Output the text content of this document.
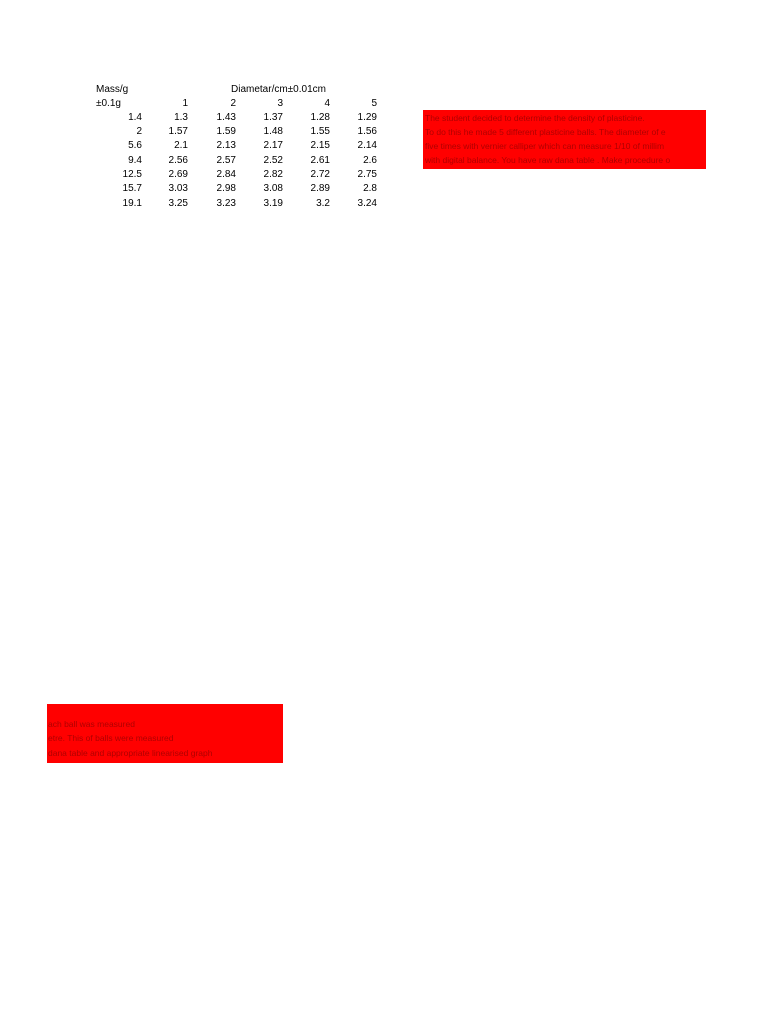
Mass/g	Diametar/cm±0.01cm
±0.1g	1	2	3	4	5
1.4	1.3	1.43	1.37	1.28	1.29
2	1.57	1.59	1.48	1.55	1.56
5.6	2.1	2.13	2.17	2.15	2.14
9.4	2.56	2.57	2.52	2.61	2.6
12.5	2.69	2.84	2.82	2.72	2.75
15.7	3.03	2.98	3.08	2.89	2.8
19.1	3.25	3.23	3.19	3.2	3.24
The student decided to determine the density of plasticine.
To do this he made 5 different plasticine balls. The diameter of e
five times with vernier calliper which can measure 1/10 of millim
with digital balance. You have raw dana table . Make procedure o
ach ball was measured
etre. This of balls were measured
dana table and appropriate linearised graph
